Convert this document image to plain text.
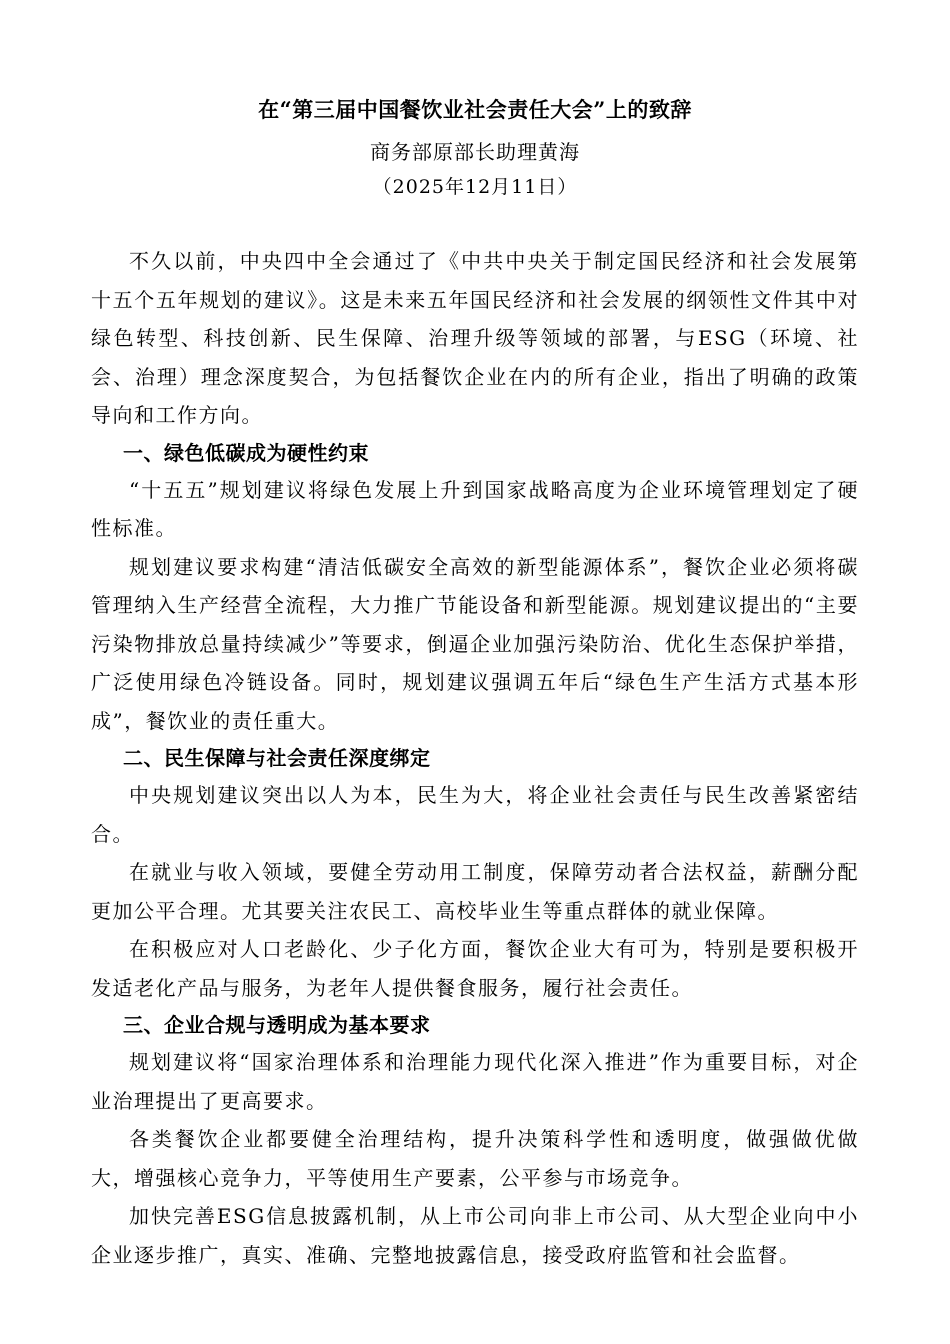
在“第三届中国餐饮业社会责任大会”上的致辞
商务部原部长助理黄海
（2025年12月11日）

不久以前，中央四中全会通过了《中共中央关于制定国民经济和社会发展第十五个五年规划的建议》。这是未来五年国民经济和社会发展的纲领性文件其中对绿色转型、科技创新、民生保障、治理升级等领域的部署，与ESG（环境、社会、治理）理念深度契合，为包括餐饮企业在内的所有企业，指出了明确的政策导向和工作方向。

一、绿色低碳成为硬性约束

“十五五”规划建议将绿色发展上升到国家战略高度为企业环境管理划定了硬性标准。

规划建议要求构建“清洁低碳安全高效的新型能源体系”，餐饮企业必须将碳管理纳入生产经营全流程，大力推广节能设备和新型能源。规划建议提出的“主要污染物排放总量持续减少”等要求，倒逼企业加强污染防治、优化生态保护举措，广泛使用绿色冷链设备。同时，规划建议强调五年后“绿色生产生活方式基本形成”，餐饮业的责任重大。

二、民生保障与社会责任深度绑定

中央规划建议突出以人为本，民生为大，将企业社会责任与民生改善紧密结合。

在就业与收入领域，要健全劳动用工制度，保障劳动者合法权益，薪酬分配更加公平合理。尤其要关注农民工、高校毕业生等重点群体的就业保障。

在积极应对人口老龄化、少子化方面，餐饮企业大有可为，特别是要积极开发适老化产品与服务，为老年人提供餐食服务，履行社会责任。

三、企业合规与透明成为基本要求

规划建议将“国家治理体系和治理能力现代化深入推进”作为重要目标，对企业治理提出了更高要求。

各类餐饮企业都要健全治理结构，提升决策科学性和透明度，做强做优做大，增强核心竞争力，平等使用生产要素，公平参与市场竞争。

加快完善ESG信息披露机制，从上市公司向非上市公司、从大型企业向中小企业逐步推广，真实、准确、完整地披露信息，接受政府监管和社会监督。
